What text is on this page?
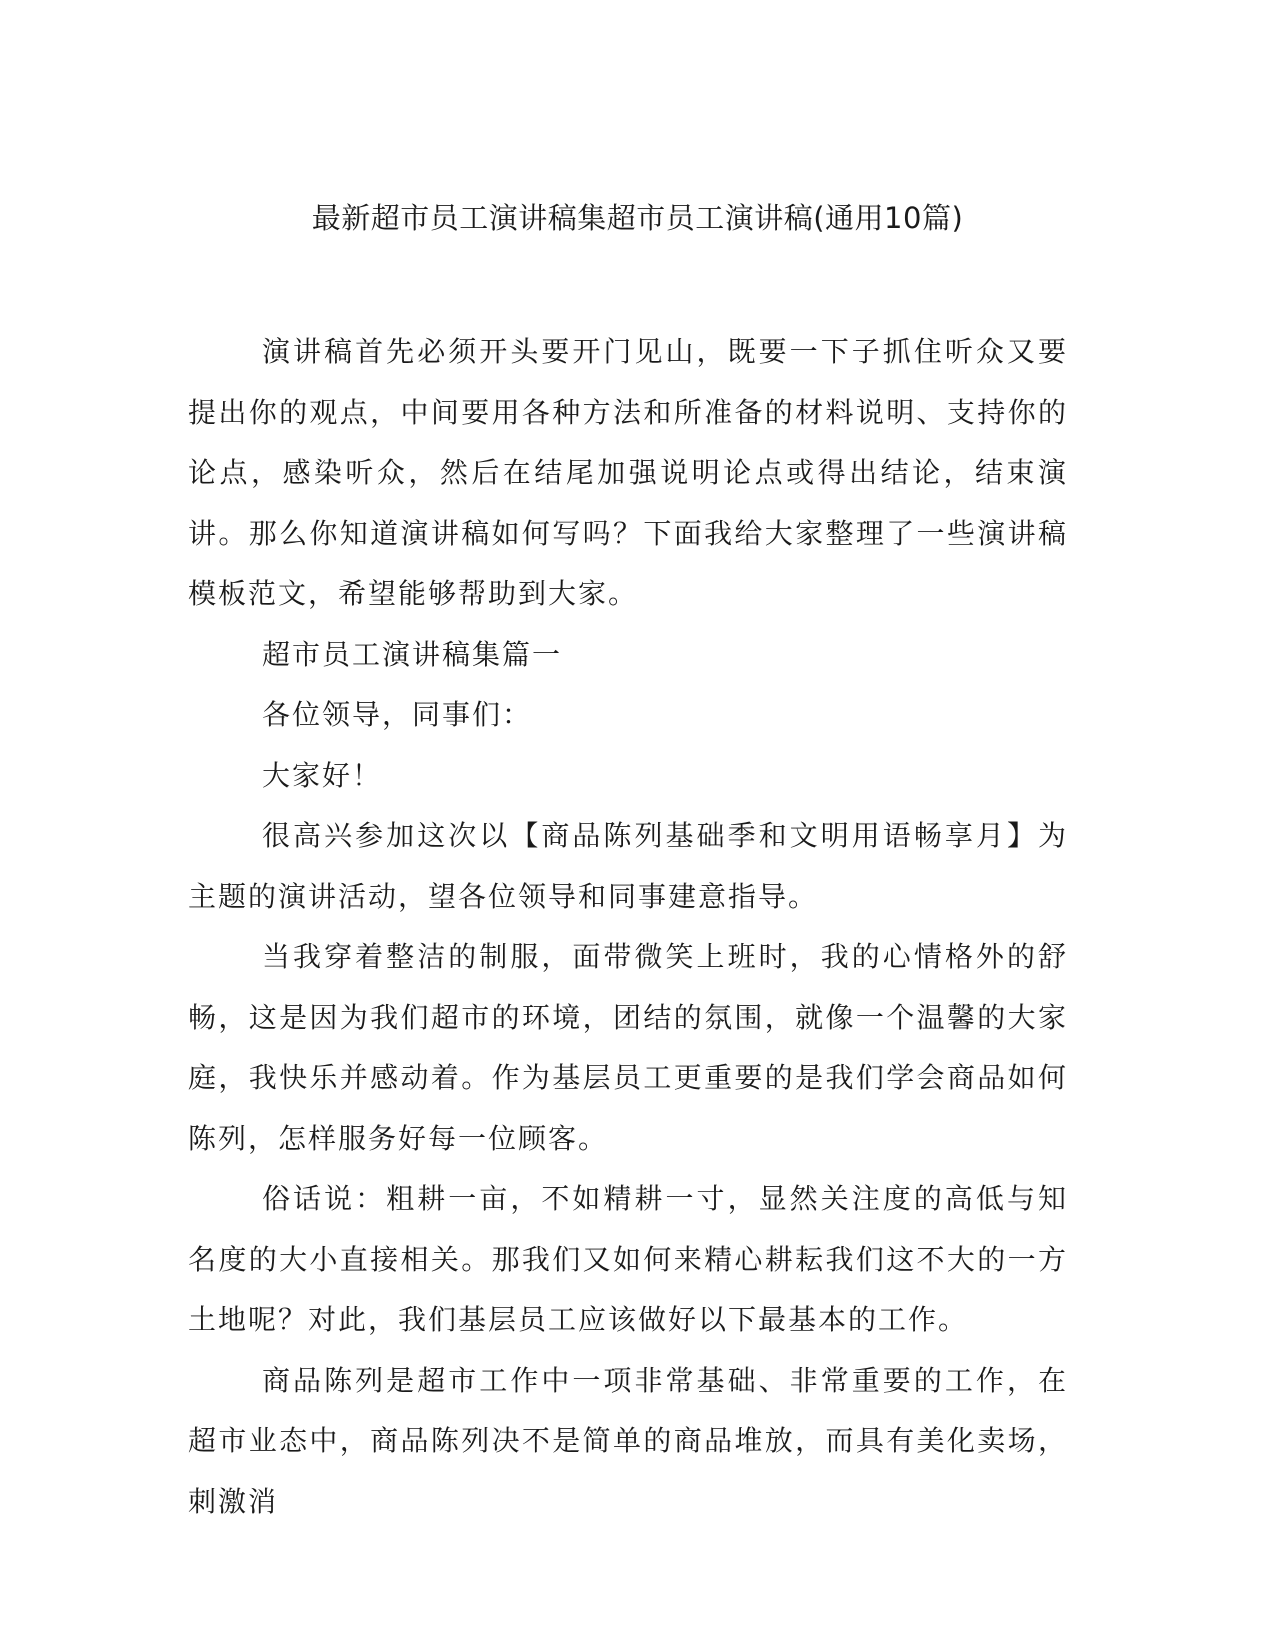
最新超市员工演讲稿集超市员工演讲稿(通用10篇)

演讲稿首先必须开头要开门见山，既要一下子抓住听众又要提出你的观点，中间要用各种方法和所准备的材料说明、支持你的论点，感染听众，然后在结尾加强说明论点或得出结论，结束演讲。那么你知道演讲稿如何写吗？下面我给大家整理了一些演讲稿模板范文，希望能够帮助到大家。

超市员工演讲稿集篇一

各位领导，同事们：

大家好！

很高兴参加这次以【商品陈列基础季和文明用语畅享月】为主题的演讲活动，望各位领导和同事建意指导。

当我穿着整洁的制服，面带微笑上班时，我的心情格外的舒畅，这是因为我们超市的环境，团结的氛围，就像一个温馨的大家庭，我快乐并感动着。作为基层员工更重要的是我们学会商品如何陈列，怎样服务好每一位顾客。

俗话说：粗耕一亩，不如精耕一寸，显然关注度的高低与知名度的大小直接相关。那我们又如何来精心耕耘我们这不大的一方土地呢？对此，我们基层员工应该做好以下最基本的工作。

商品陈列是超市工作中一项非常基础、非常重要的工作，在超市业态中，商品陈列决不是简单的商品堆放，而具有美化卖场，刺激消
